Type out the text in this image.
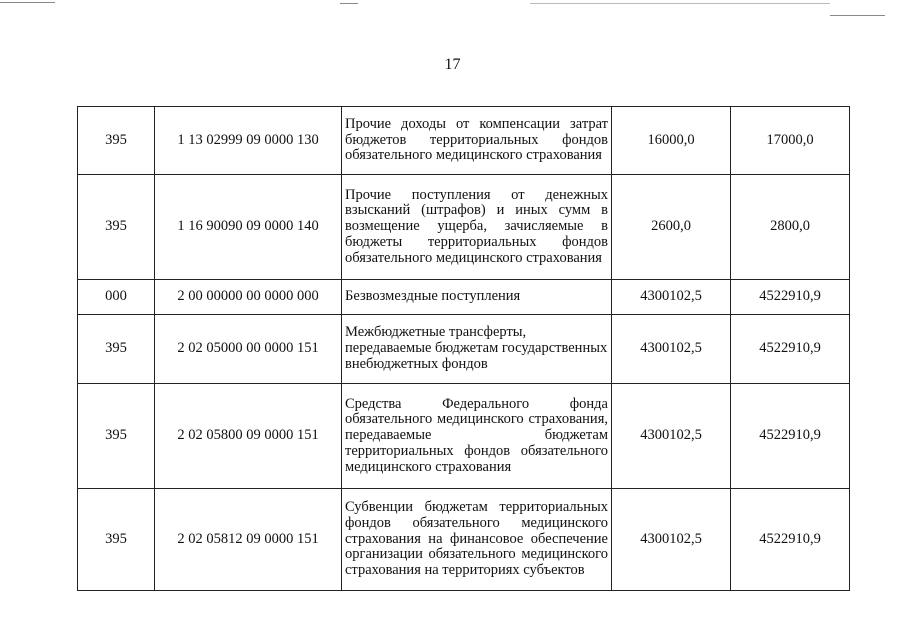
17
395	1 13 02999 09 0000 130	Прочие доходы от компенсации затрат бюджетов территориальных фондов обязательного медицинского страхования	16000,0	17000,0
395	1 16 90090 09 0000 140	Прочие поступления от денежных взысканий (штрафов) и иных сумм в возмещение ущерба, зачисляемые в бюджеты территориальных фондов обязательного медицинского страхования	2600,0	2800,0
000	2 00 00000 00 0000 000	Безвозмездные поступления	4300102,5	4522910,9
395	2 02 05000 00 0000 151	Межбюджетные трансферты, передаваемые бюджетам государственных внебюджетных фондов	4300102,5	4522910,9
395	2 02 05800 09 0000 151	Средства Федерального фонда обязательного медицинского страхования, передаваемые бюджетам территориальных фондов обязательного медицинского страхования	4300102,5	4522910,9
395	2 02 05812 09 0000 151	Субвенции бюджетам территориальных фондов обязательного медицинского страхования на финансовое обеспечение организации обязательного медицинского страхования на территориях субъектов	4300102,5	4522910,9
